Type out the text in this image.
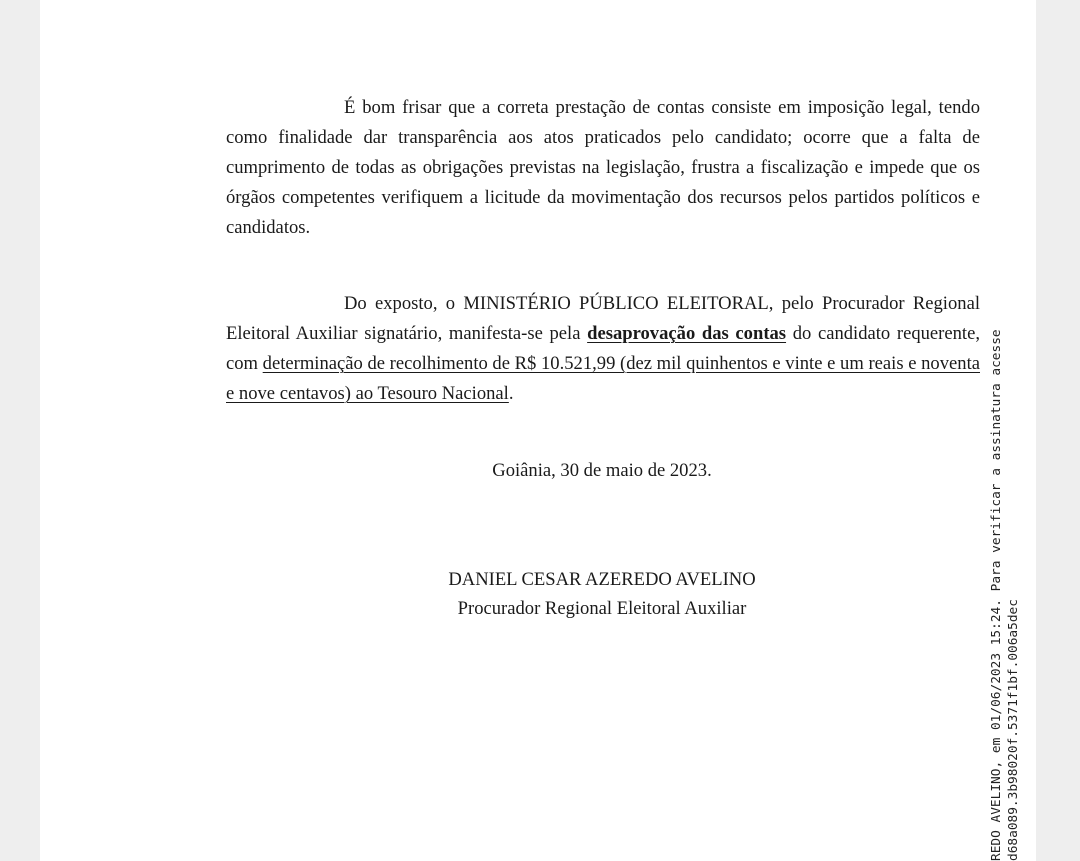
É bom frisar que a correta prestação de contas consiste em imposição legal, tendo como finalidade dar transparência aos atos praticados pelo candidato; ocorre que a falta de cumprimento de todas as obrigações previstas na legislação, frustra a fiscalização e impede que os órgãos competentes verifiquem a licitude da movimentação dos recursos pelos partidos políticos e candidatos.

Do exposto, o MINISTÉRIO PÚBLICO ELEITORAL, pelo Procurador Regional Eleitoral Auxiliar signatário, manifesta-se pela desaprovação das contas do candidato requerente, com determinação de recolhimento de R$ 10.521,99 (dez mil quinhentos e vinte e um reais e noventa e nove centavos) ao Tesouro Nacional.

Goiânia, 30 de maio de 2023.

DANIEL CESAR AZEREDO AVELINO

Procurador Regional Eleitoral Auxiliar	REDO AVELINO, em 01/06/2023 15:24. Para verificar a assinatura acesse d68a089.3b98020f.5371f1bf.006a5dec
